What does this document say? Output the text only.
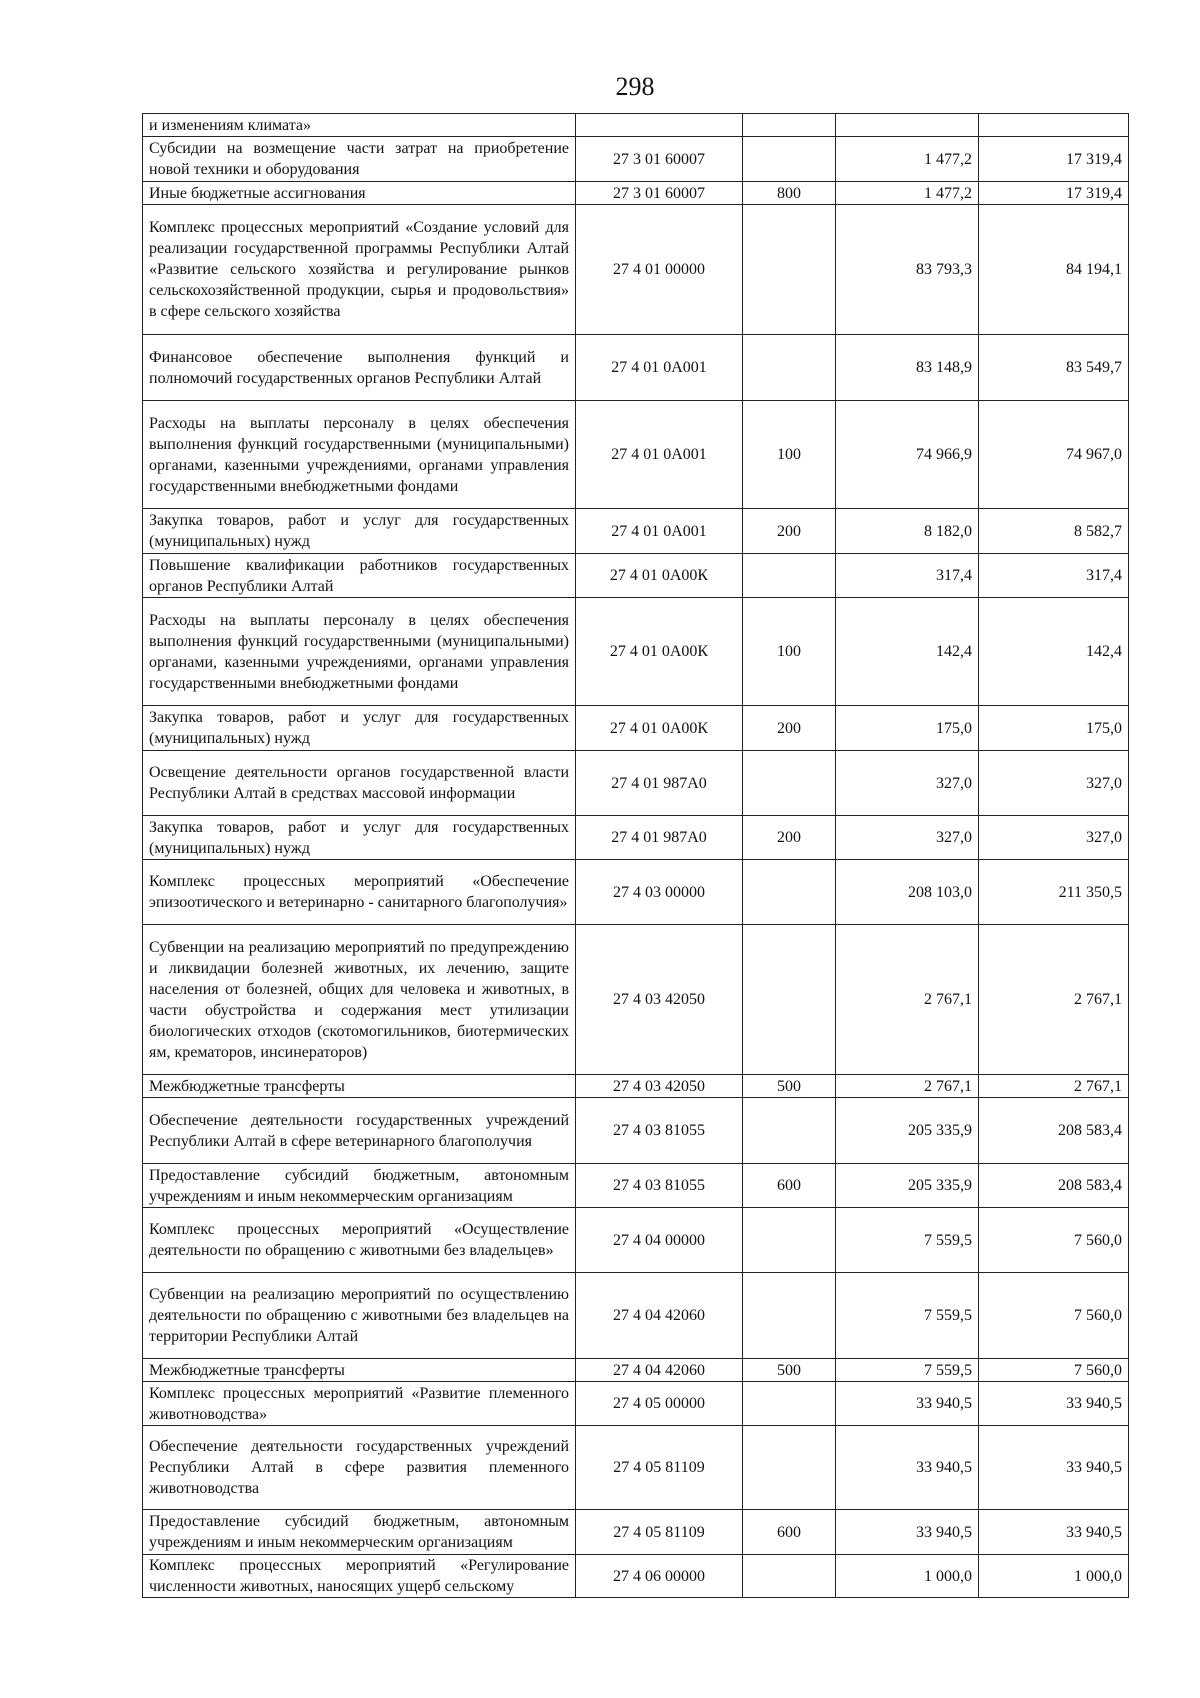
298
и изменениям климата»				
Субсидии на возмещение части затрат на приобретение новой техники и оборудования	27 3 01 60007		1 477,2	17 319,4
Иные бюджетные ассигнования	27 3 01 60007	800	1 477,2	17 319,4
Комплекс процессных мероприятий «Создание условий для реализации государственной программы Республики Алтай «Развитие сельского хозяйства и регулирование рынков сельскохозяйственной продукции, сырья и продовольствия» в сфере сельского хозяйства	27 4 01 00000		83 793,3	84 194,1
Финансовое обеспечение выполнения функций и полномочий государственных органов Республики Алтай	27 4 01 0А001		83 148,9	83 549,7
Расходы на выплаты персоналу в целях обеспечения выполнения функций государственными (муниципальными) органами, казенными учреждениями, органами управления государственными внебюджетными фондами	27 4 01 0А001	100	74 966,9	74 967,0
Закупка товаров, работ и услуг для государственных (муниципальных) нужд	27 4 01 0А001	200	8 182,0	8 582,7
Повышение квалификации работников государственных органов Республики Алтай	27 4 01 0А00К		317,4	317,4
Расходы на выплаты персоналу в целях обеспечения выполнения функций государственными (муниципальными) органами, казенными учреждениями, органами управления государственными внебюджетными фондами	27 4 01 0А00К	100	142,4	142,4
Закупка товаров, работ и услуг для государственных (муниципальных) нужд	27 4 01 0А00К	200	175,0	175,0
Освещение деятельности органов государственной власти Республики Алтай в средствах массовой информации	27 4 01 987А0		327,0	327,0
Закупка товаров, работ и услуг для государственных (муниципальных) нужд	27 4 01 987А0	200	327,0	327,0
Комплекс процессных мероприятий «Обеспечение эпизоотического и ветеринарно - санитарного благополучия»	27 4 03 00000		208 103,0	211 350,5
Субвенции на реализацию мероприятий по предупреждению и ликвидации болезней животных, их лечению, защите населения от болезней, общих для человека и животных, в части обустройства и содержания мест утилизации биологических отходов (скотомогильников, биотермических ям, крематоров, инсинераторов)	27 4 03 42050		2 767,1	2 767,1
Межбюджетные трансферты	27 4 03 42050	500	2 767,1	2 767,1
Обеспечение деятельности государственных учреждений Республики Алтай в сфере ветеринарного благополучия	27 4 03 81055		205 335,9	208 583,4
Предоставление субсидий бюджетным, автономным учреждениям и иным некоммерческим организациям	27 4 03 81055	600	205 335,9	208 583,4
Комплекс процессных мероприятий «Осуществление деятельности по обращению с животными без владельцев»	27 4 04 00000		7 559,5	7 560,0
Субвенции на реализацию мероприятий по осуществлению деятельности по обращению с животными без владельцев на территории Республики Алтай	27 4 04 42060		7 559,5	7 560,0
Межбюджетные трансферты	27 4 04 42060	500	7 559,5	7 560,0
Комплекс процессных мероприятий «Развитие племенного животноводства»	27 4 05 00000		33 940,5	33 940,5
Обеспечение деятельности государственных учреждений Республики Алтай в сфере развития племенного животноводства	27 4 05 81109		33 940,5	33 940,5
Предоставление субсидий бюджетным, автономным учреждениям и иным некоммерческим организациям	27 4 05 81109	600	33 940,5	33 940,5
Комплекс процессных мероприятий «Регулирование численности животных, наносящих ущерб сельскому	27 4 06 00000		1 000,0	1 000,0
